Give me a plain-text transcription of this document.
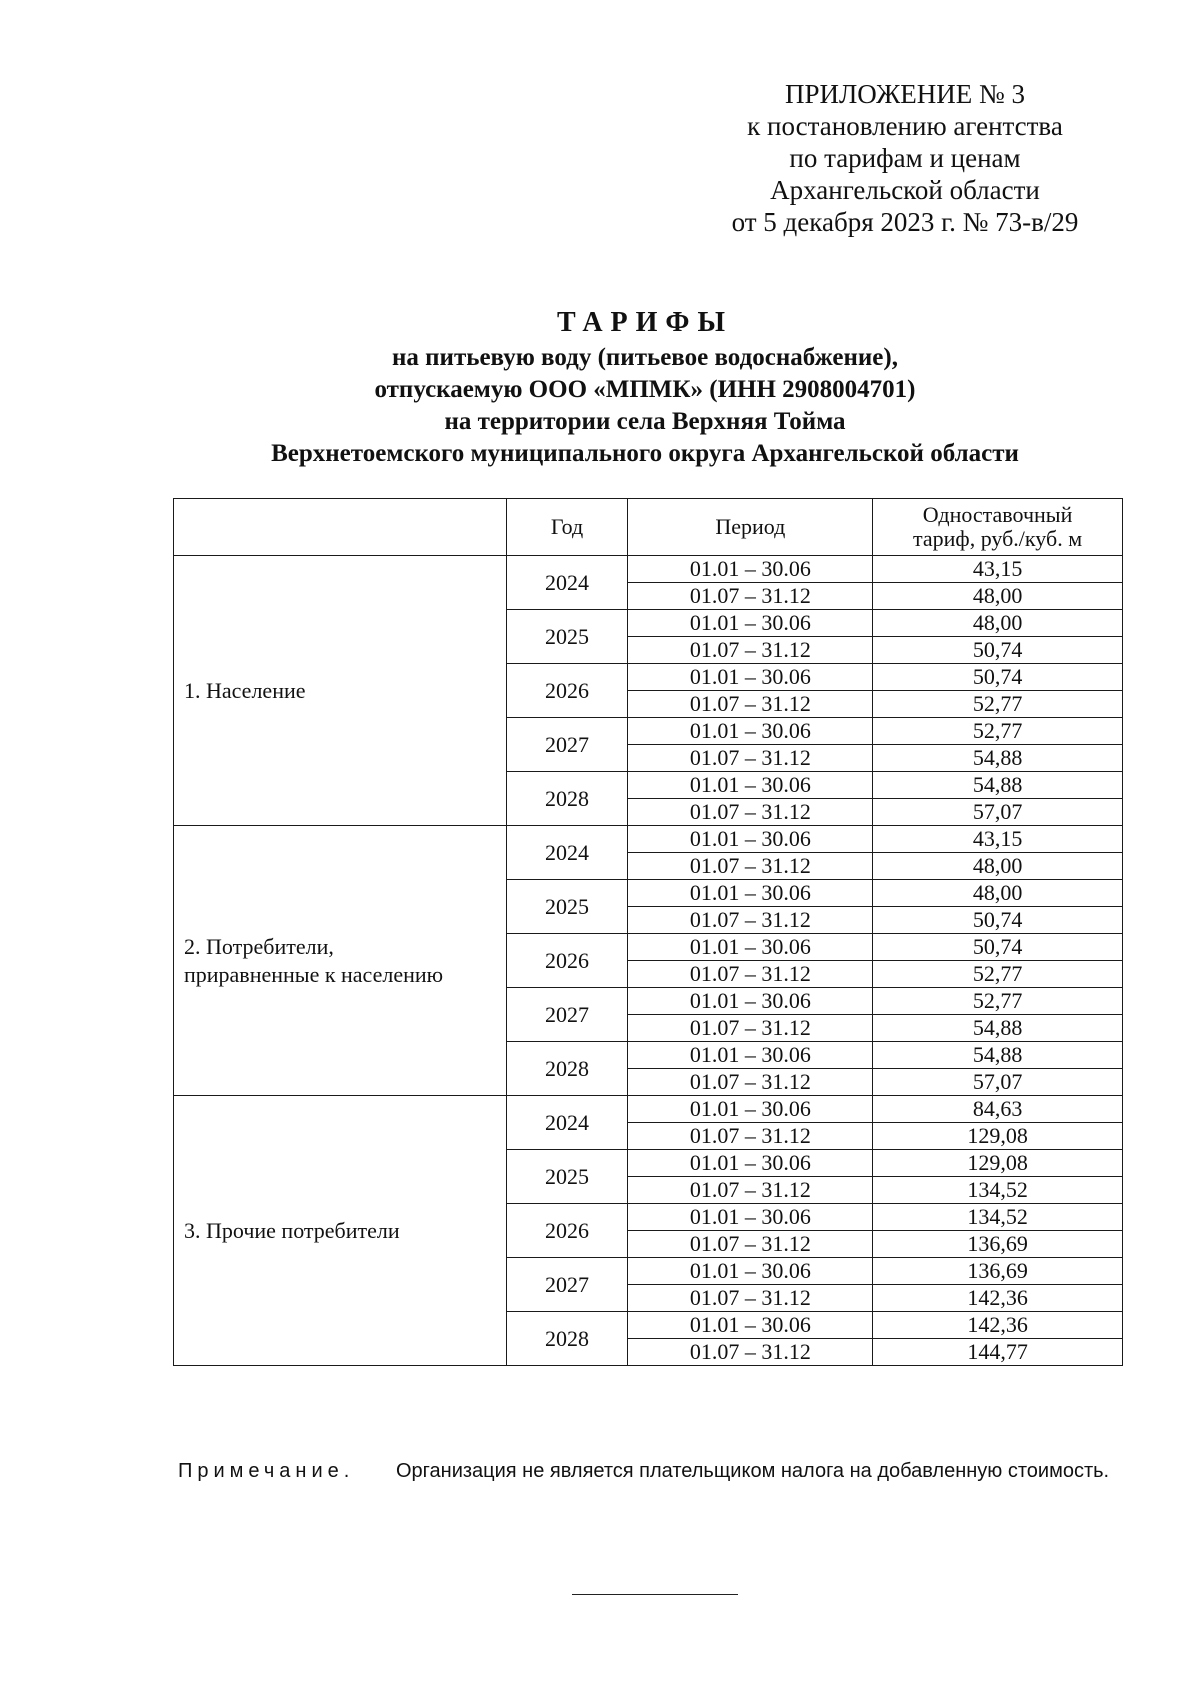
ПРИЛОЖЕНИЕ № 3
к постановлению агентства
по тарифам и ценам
Архангельской области
от 5 декабря 2023 г. № 73-в/29
ТАРИФЫ
на питьевую воду (питьевое водоснабжение),
отпускаемую ООО «МПМК» (ИНН 2908004701)
на территории села Верхняя Тойма
Верхнетоемского муниципального округа Архангельской области
	Год	Период	Одноставочный
тариф, руб./куб. м

1. Население	2024	01.01 – 30.06	43,15
		01.07 – 31.12	48,00
	2025	01.01 – 30.06	48,00
		01.07 – 31.12	50,74
	2026	01.01 – 30.06	50,74
		01.07 – 31.12	52,77
	2027	01.01 – 30.06	52,77
		01.07 – 31.12	54,88
	2028	01.01 – 30.06	54,88
		01.07 – 31.12	57,07

2. Потребители,
приравненные к населению	2024	01.01 – 30.06	43,15
		01.07 – 31.12	48,00
	2025	01.01 – 30.06	48,00
		01.07 – 31.12	50,74
	2026	01.01 – 30.06	50,74
		01.07 – 31.12	52,77
	2027	01.01 – 30.06	52,77
		01.07 – 31.12	54,88
	2028	01.01 – 30.06	54,88
		01.07 – 31.12	57,07

3. Прочие потребители	2024	01.01 – 30.06	84,63
		01.07 – 31.12	129,08
	2025	01.01 – 30.06	129,08
		01.07 – 31.12	134,52
	2026	01.01 – 30.06	134,52
		01.07 – 31.12	136,69
	2027	01.01 – 30.06	136,69
		01.07 – 31.12	142,36
	2028	01.01 – 30.06	142,36
		01.07 – 31.12	144,77
Примечание.	Организация не является плательщиком налога на добавленную стоимость.
